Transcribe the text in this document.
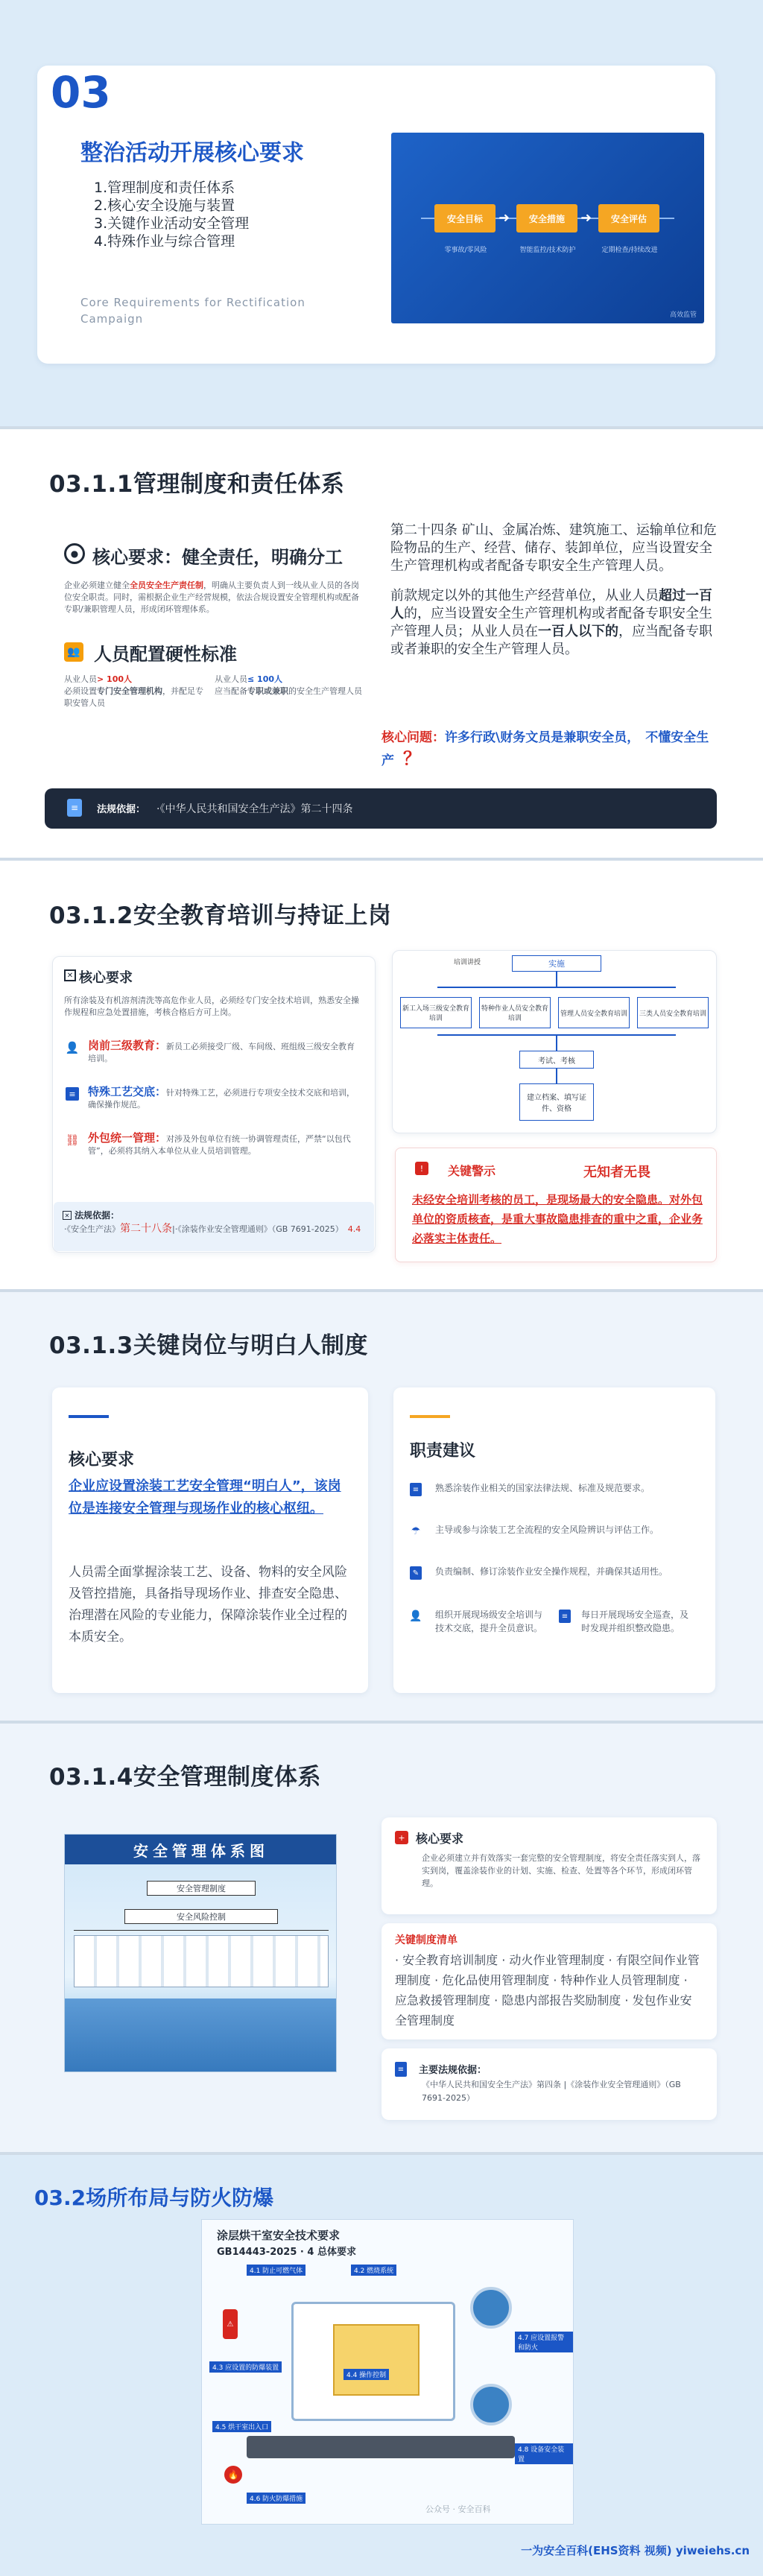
03
整治活动开展核心要求
1.管理制度和责任体系
2.核心安全设施与装置
3.关键作业活动安全管理
4.特殊作业与综合管理
Core Requirements for Rectification Campaign
安全目标	➜	安全措施	➜	安全评估
零事故/零风险	智能监控/技术防护	定期检查/持续改进
高效监管
03.1.1管理制度和责任体系
● 核心要求：健全责任，明确分工
企业必须建立健全全员安全生产责任制，明确从主要负责人到一线从业人员的各岗位安全职责。同时，需根据企业生产经营规模，依法合规设置安全管理机构或配备专职/兼职管理人员，形成闭环管理体系。
👥 人员配置硬性标准
从业人员> 100人
必须设置专门安全管理机构，并配足专职安管人员
从业人员≤ 100人
应当配备专职或兼职的安全生产管理人员
第二十四条 矿山、金属冶炼、建筑施工、运输单位和危险物品的生产、经营、储存、装卸单位，应当设置安全生产管理机构或者配备专职安全生产管理人员。
前款规定以外的其他生产经营单位，从业人员超过一百人的，应当设置安全生产管理机构或者配备专职安全生产管理人员；从业人员在一百人以下的，应当配备专职或者兼职的安全生产管理人员。
核心问题：许多行政\财务文员是兼职安全员， 不懂安全生产 ？
≡	法规依据： ·《中华人民共和国安全生产法》第二十四条
03.1.2安全教育培训与持证上岗
✕ 核心要求
所有涂装及有机溶剂清洗等高危作业人员，必须经专门安全技术培训，熟悉安全操作规程和应急处置措施，考核合格后方可上岗。
👤 岗前三级教育：新员工必须接受厂级、车间级、班组级三级安全教育培训。
≡ 特殊工艺交底：针对特殊工艺，必须进行专项安全技术交底和培训，确保操作规范。
⛓ 外包统一管理：对涉及外包单位有统一协调管理责任，严禁“以包代管”，必须将其纳入本单位从业人员培训管理。
✕ 法规依据：
·《安全生产法》第二十八条|·《涂装作业安全管理通则》（GB 7691-2025） 4.4
培训讲授	实施
新工入场三级安全教育培训
特种作业人员安全教育培训
管理人员安全教育培训	三类人员安全教育培训
考试、考核
建立档案、填写证件、资格
!	关键警示	无知者无畏
未经安全培训考核的员工，是现场最大的安全隐患。对外包单位的资质核查，是重大事故隐患排查的重中之重，企业务必落实主体责任。
03.1.3关键岗位与明白人制度
核心要求
企业应设置涂装工艺安全管理“明白人”，该岗位是连接安全管理与现场作业的核心枢纽。
人员需全面掌握涂装工艺、设备、物料的安全风险及管控措施，具备指导现场作业、排查安全隐患、治理潜在风险的专业能力，保障涂装作业全过程的本质安全。
职责建议
≡	熟悉涂装作业相关的国家法律法规、标准及规范要求。
☂ 主导或参与涂装工艺全流程的安全风险辨识与评估工作。
✎	负责编制、修订涂装作业安全操作规程，并确保其适用性。
👤 组织开展现场级安全培训与技术交底，提升全员意识。
≡	每日开展现场安全巡查，及时发现并组织整改隐患。
03.1.4安全管理制度体系
安全管理体系图
安全管理制度
安全风险控制
+ 核心要求
企业必须建立并有效落实一套完整的安全管理制度，将安全责任落实到人，落实到岗，覆盖涂装作业的计划、实施、检查、处置等各个环节，形成闭环管理。
关键制度清单
· 安全教育培训制度 · 动火作业管理制度 · 有限空间作业管理制度 · 危化品使用管理制度 · 特种作业人员管理制度 · 应急救援管理制度 · 隐患内部报告奖励制度 · 发包作业安全管理制度
≡ 主要法规依据：
《中华人民共和国安全生产法》第四条 |《涂装作业安全管理通则》（GB 7691-2025）
03.2场所布局与防火防爆
涂层烘干室安全技术要求
GB14443-2025 · 4 总体要求
⚠
🔥
4.1 防止可燃气体	4.2 燃烧系统
4.3 应设置的防爆装置
4.4 操作控制
4.5 烘干室出入口
4.6 防火防爆措施
4.7 应设置报警和防火
4.8 设备安全装置
公众号 · 安全百科
一为安全百科(EHS资料 视频) yiweiehs.cn
